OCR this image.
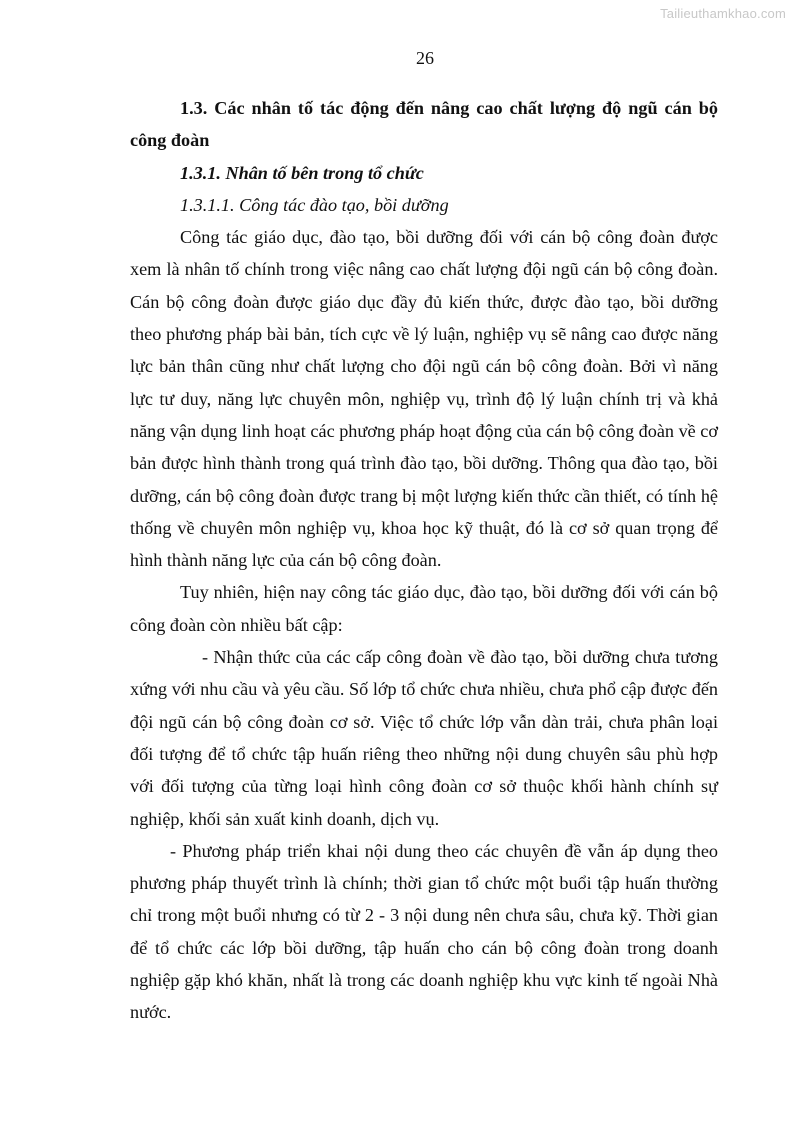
Tailieuthamkhao.com
26

1.3. Các nhân tố tác động đến nâng cao chất lượng độ ngũ cán bộ công đoàn

1.3.1. Nhân tố bên trong tổ chức

1.3.1.1. Công tác đào tạo, bồi dưỡng

Công tác giáo dục, đào tạo, bồi dưỡng đối với cán bộ công đoàn được xem là nhân tố chính trong việc nâng cao chất lượng đội ngũ cán bộ công đoàn. Cán bộ công đoàn được giáo dục đầy đủ kiến thức, được đào tạo, bồi dưỡng theo phương pháp bài bản, tích cực về lý luận, nghiệp vụ sẽ nâng cao được năng lực bản thân cũng như chất lượng cho đội ngũ cán bộ công đoàn. Bởi vì năng lực tư duy, năng lực chuyên môn, nghiệp vụ, trình độ lý luận chính trị và khả năng vận dụng linh hoạt các phương pháp hoạt động của cán bộ công đoàn về cơ bản được hình thành trong quá trình đào tạo, bồi dưỡng. Thông qua đào tạo, bồi dưỡng, cán bộ công đoàn được trang bị một lượng kiến thức cần thiết, có tính hệ thống về chuyên môn nghiệp vụ, khoa học kỹ thuật, đó là cơ sở quan trọng để hình thành năng lực của cán bộ công đoàn.

Tuy nhiên, hiện nay công tác giáo dục, đào tạo, bồi dưỡng đối với cán bộ công đoàn còn nhiều bất cập:

- Nhận thức của các cấp công đoàn về đào tạo, bồi dưỡng chưa tương xứng với nhu cầu và yêu cầu. Số lớp tổ chức chưa nhiều, chưa phổ cập được đến đội ngũ cán bộ công đoàn cơ sở. Việc tổ chức lớp vẫn dàn trải, chưa phân loại đối tượng để tổ chức tập huấn riêng theo những nội dung chuyên sâu phù hợp với đối tượng của từng loại hình công đoàn cơ sở thuộc khối hành chính sự nghiệp, khối sản xuất kinh doanh, dịch vụ.

- Phương pháp triển khai nội dung theo các chuyên đề vẫn áp dụng theo phương pháp thuyết trình là chính; thời gian tổ chức một buổi tập huấn thường chỉ trong một buổi nhưng có từ 2 - 3 nội dung nên chưa sâu, chưa kỹ. Thời gian để tổ chức các lớp bồi dưỡng, tập huấn cho cán bộ công đoàn trong doanh nghiệp gặp khó khăn, nhất là trong các doanh nghiệp khu vực kinh tế ngoài Nhà nước.
